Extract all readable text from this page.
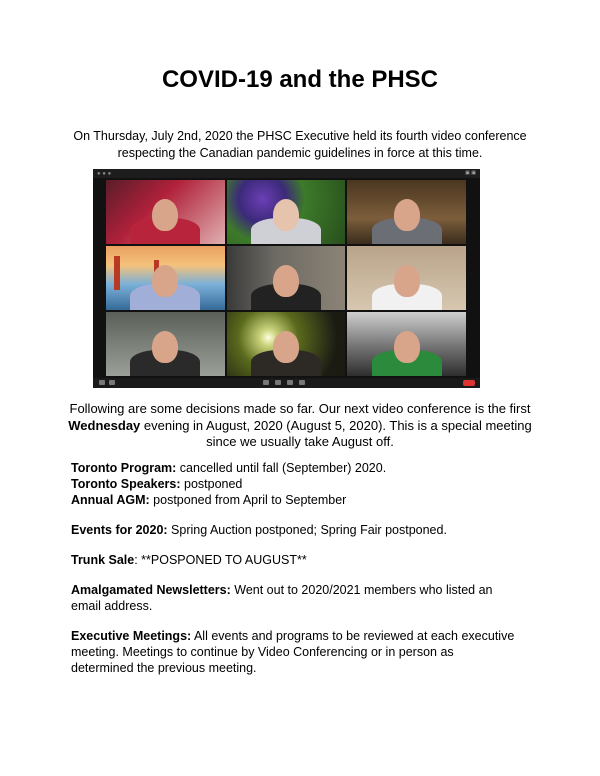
COVID-19 and the PHSC
On Thursday, July 2nd, 2020 the PHSC Executive held its fourth video conference
respecting the Canadian pandemic guidelines in force at this time.
● ● ●	▣ ▣
Following are some decisions made so far. Our next video conference is the first
Wednesday evening in August, 2020 (August 5, 2020). This is a special meeting
since we usually take August off.

Toronto Program: cancelled until fall (September) 2020.

Toronto Speakers: postponed

Annual AGM: postponed from April to September

Events for 2020: Spring Auction postponed; Spring Fair postponed.

Trunk Sale: **POSPONED TO AUGUST**

Amalgamated Newsletters: Went out to 2020/2021 members who listed an

email address.

Executive Meetings: All events and programs to be reviewed at each executive

meeting. Meetings to continue by Video Conferencing or in person as

determined the previous meeting.
